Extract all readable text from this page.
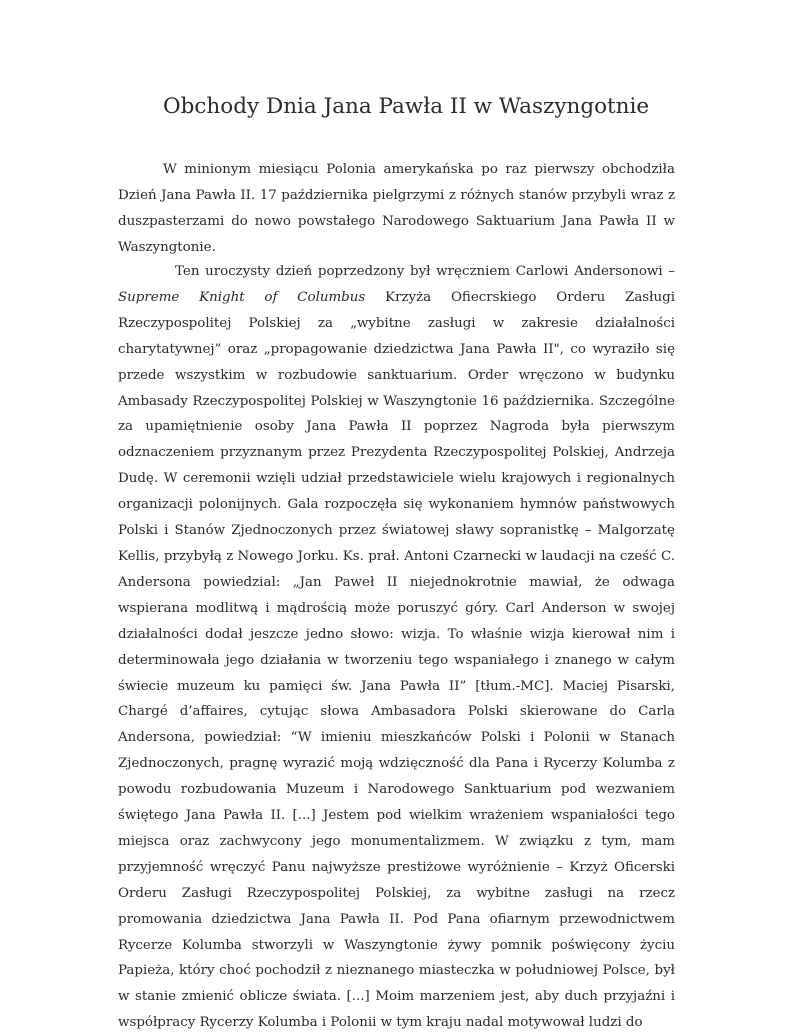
Obchody Dnia Jana Pawła II w Waszyngotnie

W minionym miesiącu Polonia amerykańska po raz pierwszy obchodziła Dzień Jana Pawła II. 17 października pielgrzymi z różnych stanów przybyli wraz z duszpasterzami do nowo powstałego Narodowego Saktuarium Jana Pawła II w Waszyngtonie.

Ten uroczysty dzień poprzedzony był wręczniem Carlowi Andersonowi – Supreme Knight of Columbus Krzyża Ofiecrskiego Orderu Zasługi Rzeczypospolitej Polskiej za „wybitne zasługi w zakresie działalności charytatywnej” oraz „propagowanie dziedzictwa Jana Pawła II", co wyraziło się przede wszystkim w rozbudowie sanktuarium. Order wręczono w budynku Ambasady Rzeczypospolitej Polskiej w Waszyngtonie 16 października. Szczególne za upamiętnienie osoby Jana Pawła II poprzez Nagroda była pierwszym odznaczeniem przyznanym przez Prezydenta Rzeczypospolitej Polskiej, Andrzeja Dudę. W ceremonii wzięli udział przedstawiciele wielu krajowych i regionalnych organizacji polonijnych. Gala rozpoczęła się wykonaniem hymnów państwowych Polski i Stanów Zjednoczonych przez światowej sławy sopranistkę – Malgorzatę Kellis, przybyłą z Nowego Jorku. Ks. prał. Antoni Czarnecki w laudacji na cześć C. Andersona powiedzial: „Jan Paweł II niejednokrotnie mawiał, że odwaga wspierana modlitwą i mądrością może poruszyć góry. Carl Anderson w swojej działalności dodał jeszcze jedno słowo: wizja. To właśnie wizja kierował nim i determinowała jego działania w tworzeniu tego wspaniałego i znanego w całym świecie muzeum ku pamięci św. Jana Pawła II” [tłum.-MC]. Maciej Pisarski, Chargé d’affaires, cytując słowa Ambasadora Polski skierowane do Carla Andersona, powiedział: “W imieniu mieszkańców Polski i Polonii w Stanach Zjednoczonych, pragnę wyrazić moją wdzięczność dla Pana i Rycerzy Kolumba z powodu rozbudowania Muzeum i Narodowego Sanktuarium pod wezwaniem świętego Jana Pawła II. [...] Jestem pod wielkim wrażeniem wspaniałości tego miejsca oraz zachwycony jego monumentalizmem. W związku z tym, mam przyjemność wręczyć Panu najwyższe prestiżowe wyróżnienie – Krzyż Oficerski Orderu Zasługi Rzeczypospolitej Polskiej, za wybitne zasługi na rzecz promowania dziedzictwa Jana Pawła II. Pod Pana ofiarnym przewodnictwem Rycerze Kolumba stworzyli w Waszyngtonie żywy pomnik poświęcony życiu Papieża, który choć pochodził z nieznanego miasteczka w południowej Polsce, był w stanie zmienić oblicze świata. [...] Moim marzeniem jest, aby duch przyjaźni i współpracy Rycerzy Kolumba i Polonii w tym kraju nadal motywował ludzi do
